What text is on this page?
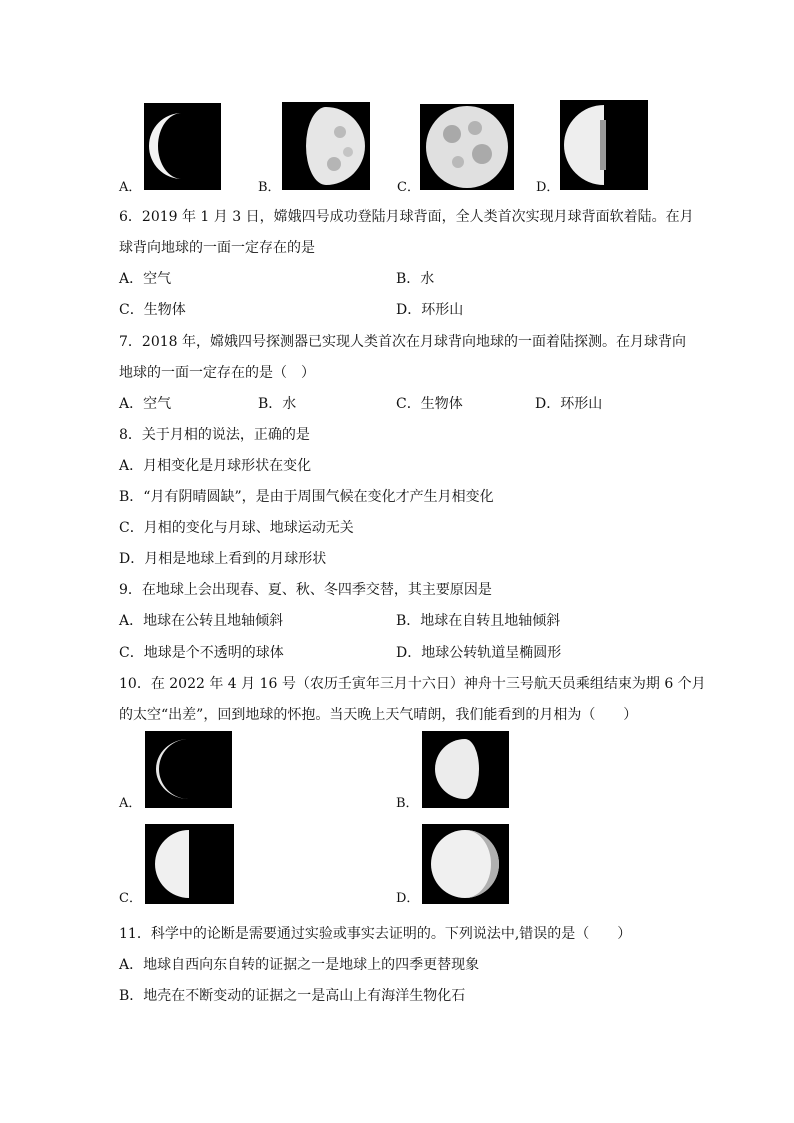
A．	B．	C．	D．
6．2019 年 1 月 3 日，嫦娥四号成功登陆月球背面，全人类首次实现月球背面软着陆。在月
球背向地球的一面一定存在的是
A．空气	B．水
C．生物体	D．环形山
7．2018 年，嫦娥四号探测器已实现人类首次在月球背向地球的一面着陆探测。在月球背向
地球的一面一定存在的是（　）
A．空气	B．水	C．生物体	D．环形山
8．关于月相的说法，正确的是
A．月相变化是月球形状在变化
B．“月有阴晴圆缺”，是由于周围气候在变化才产生月相变化
C．月相的变化与月球、地球运动无关
D．月相是地球上看到的月球形状
9．在地球上会出现春、夏、秋、冬四季交替，其主要原因是
A．地球在公转且地轴倾斜	B．地球在自转且地轴倾斜
C．地球是个不透明的球体	D．地球公转轨道呈椭圆形
10．在 2022 年 4 月 16 号（农历壬寅年三月十六日）神舟十三号航天员乘组结束为期 6 个月
的太空“出差”，回到地球的怀抱。当天晚上天气晴朗，我们能看到的月相为（　　）
A．	B．
C．	D．
11．科学中的论断是需要通过实验或事实去证明的。下列说法中,错误的是（　　）
A．地球自西向东自转的证据之一是地球上的四季更替现象
B．地壳在不断变动的证据之一是高山上有海洋生物化石
